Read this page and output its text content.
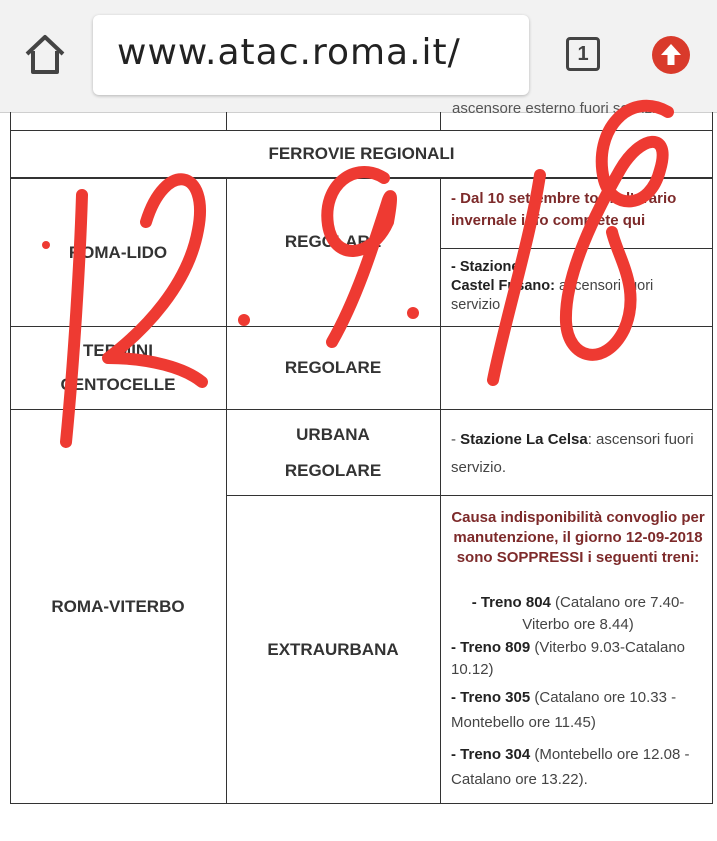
www.atac.roma.it/	1
ascensore esterno fuori servizio
FERROVIE REGIONALI
ROMA-LIDO
REGOLARE
- Dal 10 settembre torna l'orario invernale info complete qui
- Stazione
Castel Fusano: ascensori fuori servizio
TERMINI
CENTOCELLE
REGOLARE
ROMA-VITERBO
URBANA
REGOLARE
- Stazione La Celsa: ascensori fuori servizio.
EXTRAURBANA
Causa indisponibilità convoglio per manutenzione, il giorno 12-09-2018 sono SOPPRESSI i seguenti treni:
- Treno 804 (Catalano ore 7.40-Viterbo ore 8.44)
- Treno 809 (Viterbo 9.03-Catalano 10.12)
- Treno 305 (Catalano ore 10.33 -Montebello ore 11.45)
- Treno 304 (Montebello ore 12.08 - Catalano ore 13.22).
